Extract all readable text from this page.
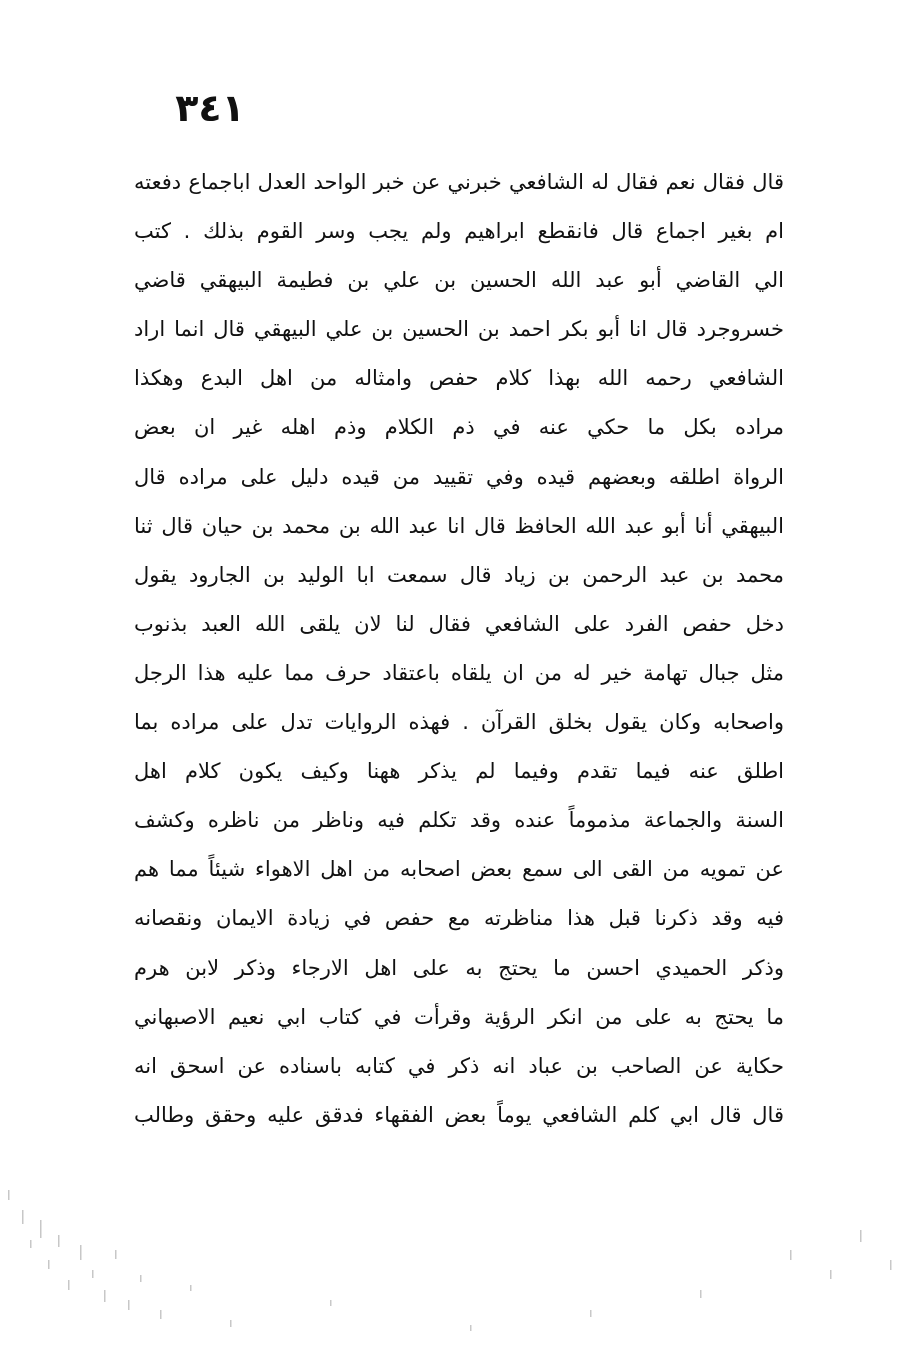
٣٤١
قال فقال نعم فقال له الشافعي خبرني عن خبر الواحد العدل اباجماع دفعته
ام بغير اجماع قال فانقطع ابراهيم ولم يجب وسر القوم بذلك . كتب
الي القاضي أبو عبد الله الحسين بن علي بن فطيمة البيهقي قاضي
خسروجرد قال انا أبو بكر احمد بن الحسين بن علي البيهقي قال انما اراد
الشافعي رحمه الله بهذا كلام حفص وامثاله من اهل البدع وهكذا
مراده بكل ما حكي عنه في ذم الكلام وذم اهله غير ان بعض
الرواة اطلقه وبعضهم قيده وفي تقييد من قيده دليل على مراده قال
البيهقي أنا أبو عبد الله الحافظ قال انا عبد الله بن محمد بن حيان قال ثنا
محمد بن عبد الرحمن بن زياد قال سمعت ابا الوليد بن الجارود يقول
دخل حفص الفرد على الشافعي فقال لنا لان يلقى الله العبد بذنوب
مثل جبال تهامة خير له من ان يلقاه باعتقاد حرف مما عليه هذا الرجل
واصحابه وكان يقول بخلق القرآن . فهذه الروايات تدل على مراده بما
اطلق عنه فيما تقدم وفيما لم يذكر ههنا وكيف يكون كلام اهل
السنة والجماعة مذموماً عنده وقد تكلم فيه وناظر من ناظره وكشف
عن تمويه من القى الى سمع بعض اصحابه من اهل الاهواء شيئاً مما هم
فيه وقد ذكرنا قبل هذا مناظرته مع حفص في زيادة الايمان ونقصانه
وذكر الحميدي احسن ما يحتج به على اهل الارجاء وذكر لابن هرم
ما يحتج به على من انكر الرؤية وقرأت في كتاب ابي نعيم الاصبهاني
حكاية عن الصاحب بن عباد انه ذكر في كتابه باسناده عن اسحق انه
قال قال ابي كلم الشافعي يوماً بعض الفقهاء فدقق عليه وحقق وطالب
